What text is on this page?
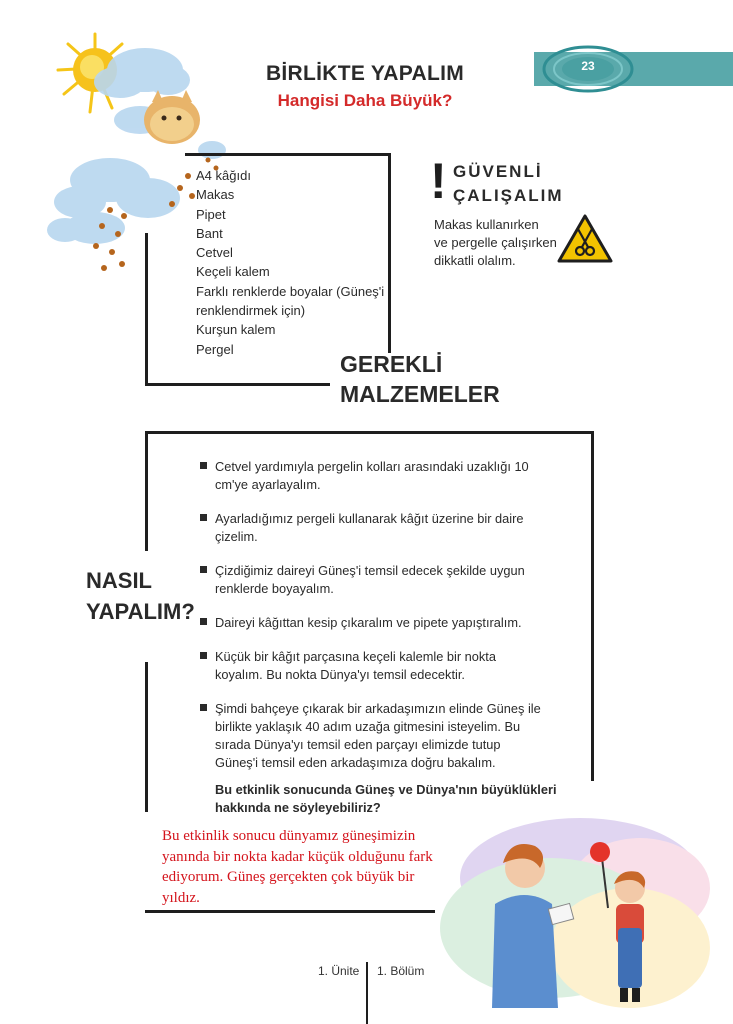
23
BİRLİKTE YAPALIM
Hangisi Daha Büyük?
A4 kâğıdı
Makas
Pipet
Bant
Cetvel
Keçeli kalem
Farklı renklerde boyalar (Güneş'i
renklendirmek için)
Kurşun kalem
Pergel
GEREKLİ
MALZEMELER
! GÜVENLİ
ÇALIŞALIM
Makas kullanırken
ve pergelle çalışırken
dikkatli olalım.
NASIL
YAPALIM?
Cetvel yardımıyla pergelin kolları arasındaki uzaklığı 10 cm'ye ayarlayalım.
Ayarladığımız pergeli kullanarak kâğıt üzerine bir daire çizelim.
Çizdiğimiz daireyi Güneş'i temsil edecek şekilde uygun renklerde boyayalım.
Daireyi kâğıttan kesip çıkaralım ve pipete yapıştıralım.
Küçük bir kâğıt parçasına keçeli kalemle bir nokta koyalım. Bu nokta Dünya'yı temsil edecektir.
Şimdi bahçeye çıkarak bir arkadaşımızın elinde Güneş ile birlikte yaklaşık 40 adım uzağa gitmesini isteyelim. Bu sırada Dünya'yı temsil eden parçayı elimizde tutup Güneş'i temsil eden arkadaşımıza doğru bakalım.
Bu etkinlik sonucunda Güneş ve Dünya'nın büyüklükleri hakkında ne söyleyebiliriz?
Bu etkinlik sonucu dünyamız güneşimizin yanında bir nokta kadar küçük olduğunu fark ediyorum. Güneş gerçekten çok büyük bir yıldız.
1. Ünite 1. Bölüm
